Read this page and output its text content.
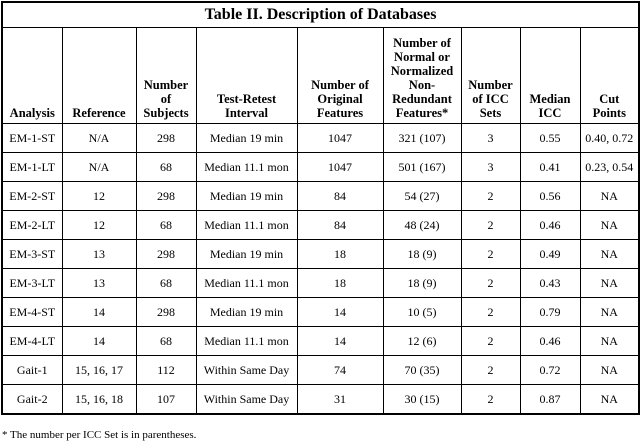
Table II. Description of Databases								
Analysis	Reference	Number of Subjects	Test-Retest Interval	Number of Original Features	Number of Normal or Normalized Non-Redundant Features*	Number of ICC Sets	Median ICC	Cut Points
EM-1-ST	N/A	298	Median 19 min	1047	321 (107)	3	0.55	0.40, 0.72
EM-1-LT	N/A	68	Median 11.1 mon	1047	501 (167)	3	0.41	0.23, 0.54
EM-2-ST	12	298	Median 19 min	84	54 (27)	2	0.56	NA
EM-2-LT	12	68	Median 11.1 mon	84	48 (24)	2	0.46	NA
EM-3-ST	13	298	Median 19 min	18	18 (9)	2	0.49	NA
EM-3-LT	13	68	Median 11.1 mon	18	18 (9)	2	0.43	NA
EM-4-ST	14	298	Median 19 min	14	10 (5)	2	0.79	NA
EM-4-LT	14	68	Median 11.1 mon	14	12 (6)	2	0.46	NA
Gait-1	15, 16, 17	112	Within Same Day	74	70 (35)	2	0.72	NA
Gait-2	15, 16, 18	107	Within Same Day	31	30 (15)	2	0.87	NA
* The number per ICC Set is in parentheses.
